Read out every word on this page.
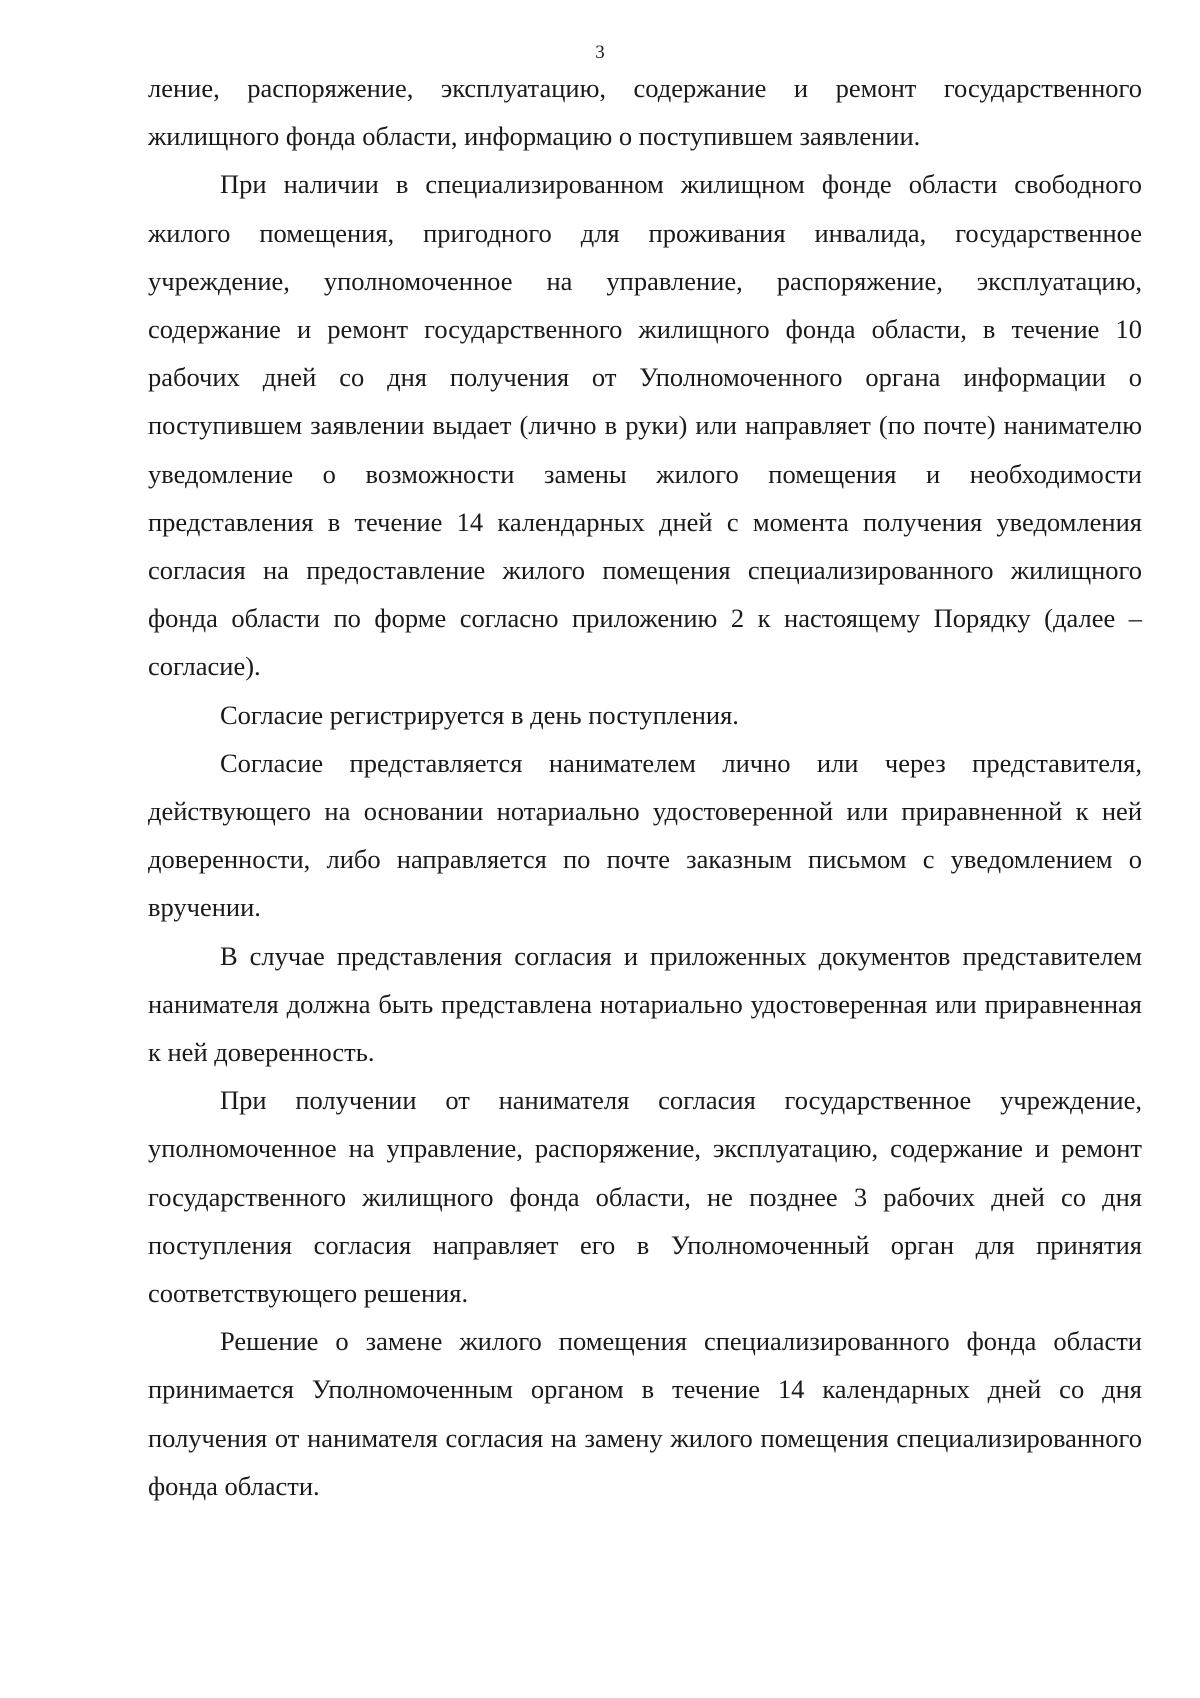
3

ление, распоряжение, эксплуатацию, содержание и ремонт государственного жилищного фонда области, информацию о поступившем заявлении.

При наличии в специализированном жилищном фонде области свободного жилого помещения, пригодного для проживания инвалида, государственное учреждение, уполномоченное на управление, распоряжение, эксплуатацию, содержание и ремонт государственного жилищного фонда области, в течение 10 рабочих дней со дня получения от Уполномоченного органа информации о поступившем заявлении выдает (лично в руки) или направляет (по почте) нанимателю уведомление о возможности замены жилого помещения и необходимости представления в течение 14 календарных дней с момента получения уведомления согласия на предоставление жилого помещения специализированного жилищного фонда области по форме согласно приложению 2 к настоящему Порядку (далее – согласие).

Согласие регистрируется в день поступления.

Согласие представляется нанимателем лично или через представителя, действующего на основании нотариально удостоверенной или приравненной к ней доверенности, либо направляется по почте заказным письмом с уведомлением о вручении.

В случае представления согласия и приложенных документов представителем нанимателя должна быть представлена нотариально удостоверенная или приравненная к ней доверенность.

При получении от нанимателя согласия государственное учреждение, уполномоченное на управление, распоряжение, эксплуатацию, содержание и ремонт государственного жилищного фонда области, не позднее 3 рабочих дней со дня поступления согласия направляет его в Уполномоченный орган для принятия соответствующего решения.

Решение о замене жилого помещения специализированного фонда области принимается Уполномоченным органом в течение 14 календарных дней со дня получения от нанимателя согласия на замену жилого помещения специализированного фонда области.
